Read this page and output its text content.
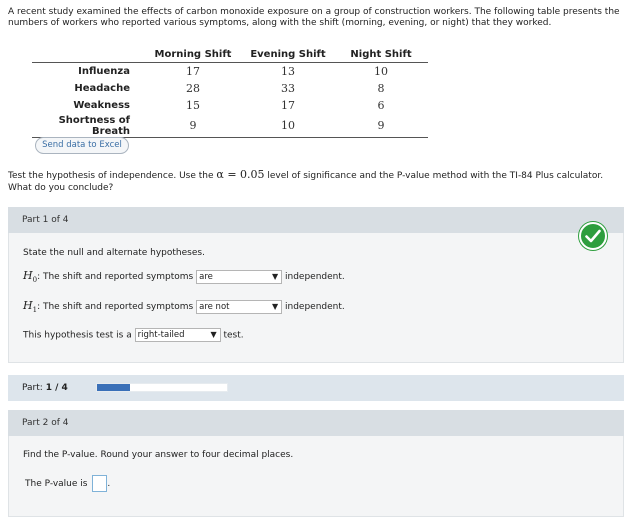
A recent study examined the effects of carbon monoxide exposure on a group of construction workers. The following table presents the numbers of workers who reported various symptoms, along with the shift (morning, evening, or night) that they worked.
	Morning Shift	Evening Shift	Night Shift
Influenza	17	13	10
Headache	28	33	8
Weakness	15	17	6
Shortness of Breath	9	10	9
Send data to Excel
Test the hypothesis of independence. Use the α = 0.05 level of significance and the P-value method with the TI-84 Plus calculator. What do you conclude?
Part 1 of 4
State the null and alternate hypotheses.
$H_0$: The shift and reported symptoms are	▼ independent.
$H_1$: The shift and reported symptoms are not	▼ independent.
This hypothesis test is a right-tailed	▼ test.
Part: 1 / 4
Part 2 of 4
Find the P-value. Round your answer to four decimal places.
The P-value is .
